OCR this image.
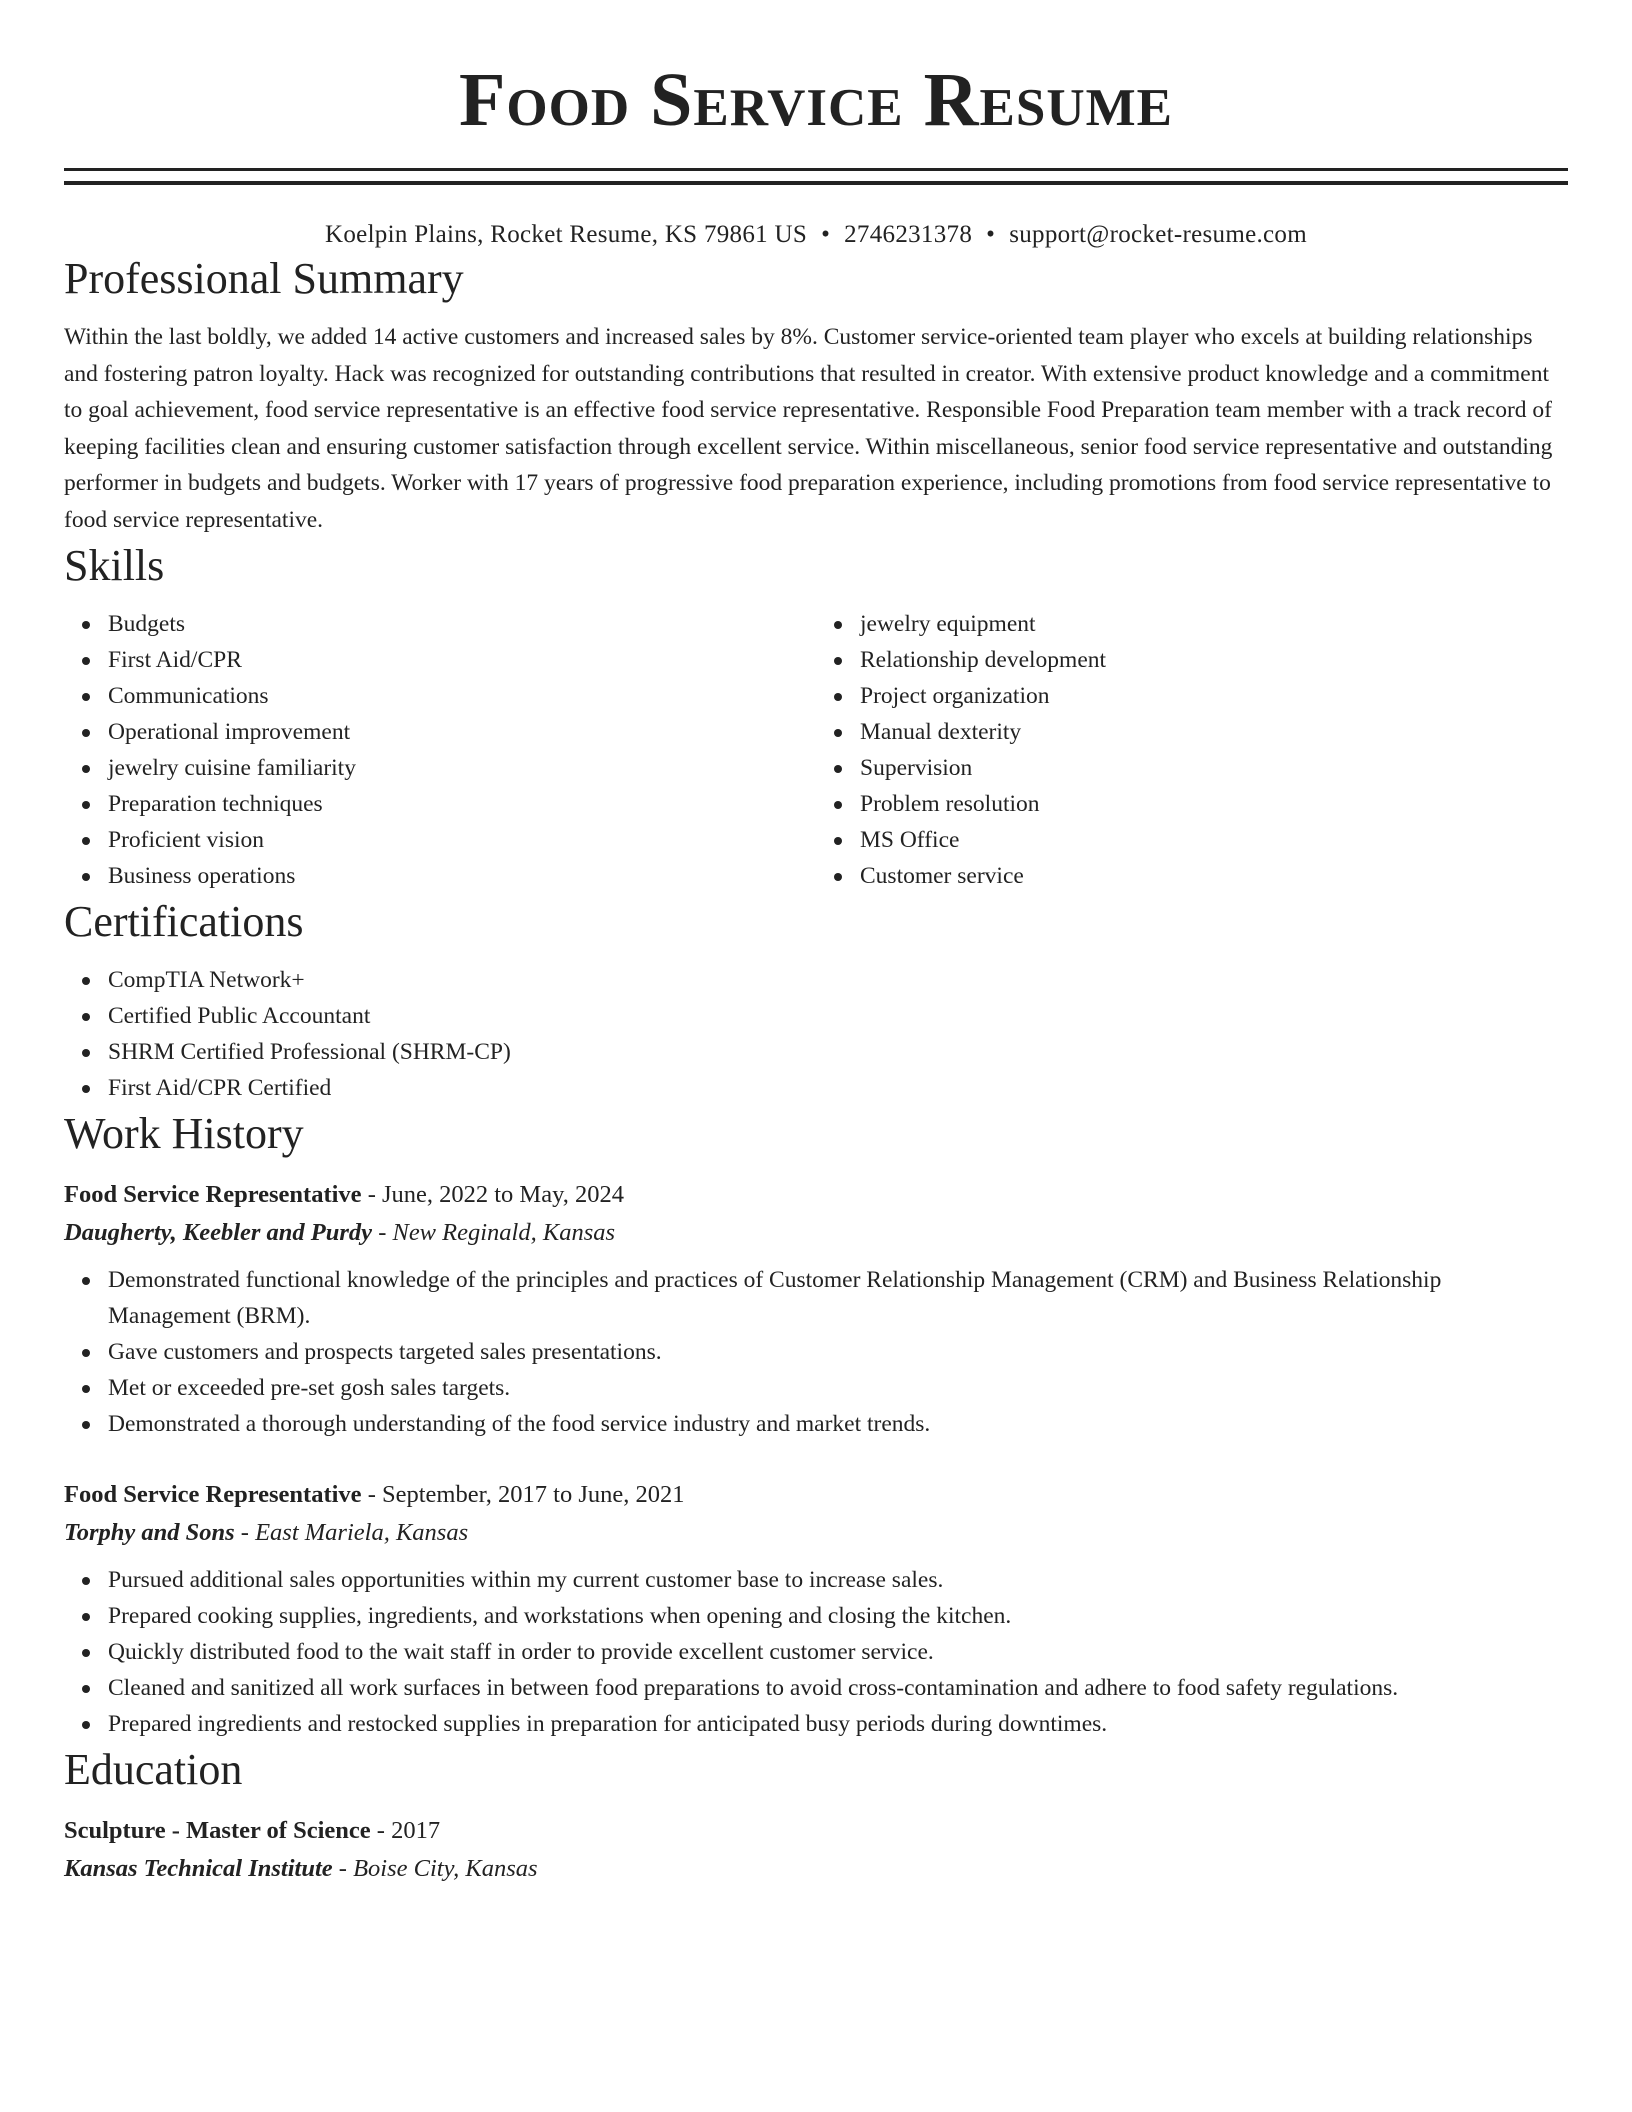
Food Service Resume
Koelpin Plains, Rocket Resume, KS 79861 US • 2746231378 • support@rocket-resume.com
Professional Summary

Within the last boldly, we added 14 active customers and increased sales by 8%. Customer service-oriented team player who excels at building relationships and fostering patron loyalty. Hack was recognized for outstanding contributions that resulted in creator. With extensive product knowledge and a commitment to goal achievement, food service representative is an effective food service representative. Responsible Food Preparation team member with a track record of keeping facilities clean and ensuring customer satisfaction through excellent service. Within miscellaneous, senior food service representative and outstanding performer in budgets and budgets. Worker with 17 years of progressive food preparation experience, including promotions from food service representative to food service representative.

Skills
Budgets
First Aid/CPR
Communications
Operational improvement
jewelry cuisine familiarity
Preparation techniques
Proficient vision
Business operations
jewelry equipment
Relationship development
Project organization
Manual dexterity
Supervision
Problem resolution
MS Office
Customer service
Certifications
CompTIA Network+
Certified Public Accountant
SHRM Certified Professional (SHRM-CP)
First Aid/CPR Certified
Work History
Food Service Representative - June, 2022 to May, 2024
Daugherty, Keebler and Purdy - New Reginald, Kansas
Demonstrated functional knowledge of the principles and practices of Customer Relationship Management (CRM) and Business Relationship Management (BRM).
Gave customers and prospects targeted sales presentations.
Met or exceeded pre-set gosh sales targets.
Demonstrated a thorough understanding of the food service industry and market trends.
Food Service Representative - September, 2017 to June, 2021
Torphy and Sons - East Mariela, Kansas
Pursued additional sales opportunities within my current customer base to increase sales.
Prepared cooking supplies, ingredients, and workstations when opening and closing the kitchen.
Quickly distributed food to the wait staff in order to provide excellent customer service.
Cleaned and sanitized all work surfaces in between food preparations to avoid cross-contamination and adhere to food safety regulations.
Prepared ingredients and restocked supplies in preparation for anticipated busy periods during downtimes.
Education
Sculpture - Master of Science - 2017
Kansas Technical Institute - Boise City, Kansas
